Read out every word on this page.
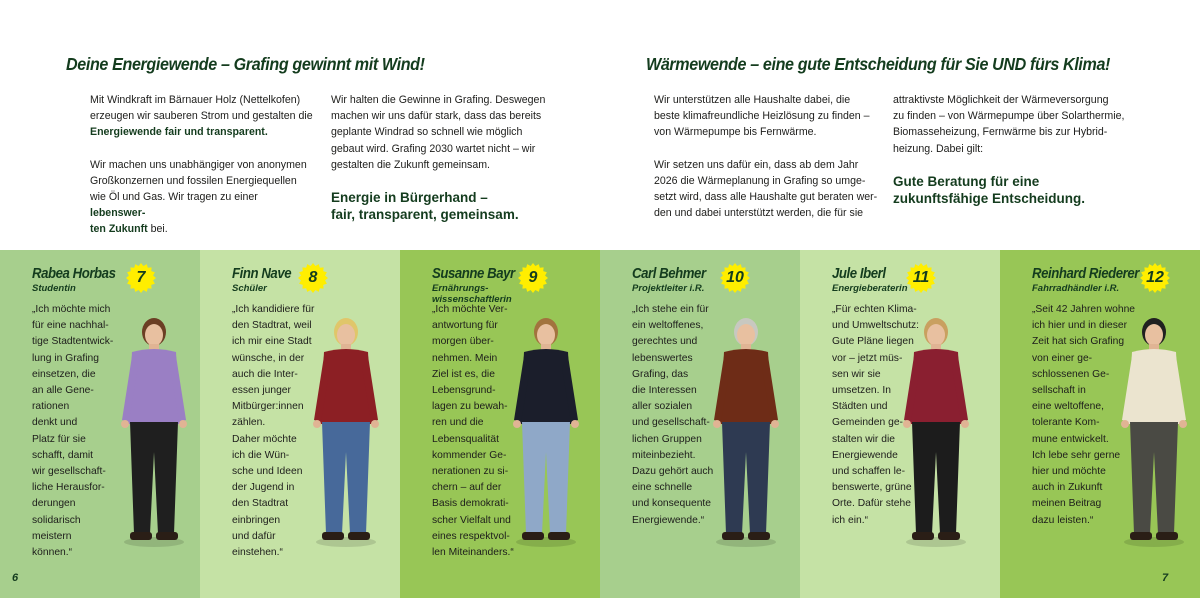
Deine Energiewende – Grafing gewinnt mit Wind!	Wärmewende – eine gute Entscheidung für Sie UND fürs Klima!

Mit Windkraft im Bärnauer Holz (Nettelkofen)
erzeugen wir sauberen Strom und gestalten die
Energiewende fair und transparent.

Wir machen uns unabhängiger von anonymen
Großkonzernen und fossilen Energiequellen
wie Öl und Gas. Wir tragen zu einer lebenswer-
ten Zukunft bei.

Wir halten die Gewinne in Grafing. Deswegen
machen wir uns dafür stark, dass das bereits
geplante Windrad so schnell wie möglich
gebaut wird. Grafing 2030 wartet nicht – wir
gestalten die Zukunft gemeinsam.

Energie in Bürgerhand –
fair, transparent, gemeinsam.

Wir unterstützen alle Haushalte dabei, die
beste klimafreundliche Heizlösung zu finden –
von Wärmepumpe bis Fernwärme.

Wir setzen uns dafür ein, dass ab dem Jahr
2026 die Wärmeplanung in Grafing so umge-
setzt wird, dass alle Haushalte gut beraten wer-
den und dabei unterstützt werden, die für sie

attraktivste Möglichkeit der Wärmeversorgung
zu finden – von Wärmepumpe über Solarthermie,
Biomasseheizung, Fernwärme bis zur Hybrid-
heizung. Dabei gilt:

Gute Beratung für eine
zukunftsfähige Entscheidung.
Rabea Horbas
Studentin
7
„Ich möchte mich
für eine nachhal-
tige Stadtentwick-
lung in Grafing
einsetzen, die
an alle Gene-
rationen
denkt und
Platz für sie
schafft, damit
wir gesellschaft-
liche Herausfor-
derungen
solidarisch
meistern
können.“
Finn Nave
Schüler
8
„Ich kandidiere für
den Stadtrat, weil
ich mir eine Stadt
wünsche, in der
auch die Inter-
essen junger
Mitbürger:innen
zählen.
Daher möchte
ich die Wün-
sche und Ideen
der Jugend in
den Stadtrat
einbringen
und dafür
einstehen.“
Susanne Bayr
Ernährungs-
wissenschaftlerin
9
„Ich möchte Ver-
antwortung für
morgen über-
nehmen. Mein
Ziel ist es, die
Lebensgrund-
lagen zu bewah-
ren und die
Lebensqualität
kommender Ge-
nerationen zu si-
chern – auf der
Basis demokrati-
scher Vielfalt und
eines respektvol-
len Miteinanders.“
Carl Behmer
Projektleiter i.R.
10
„Ich stehe ein für
ein weltoffenes,
gerechtes und
lebenswertes
Grafing, das
die Interessen
aller sozialen
und gesellschaft-
lichen Gruppen
miteinbezieht.
Dazu gehört auch
eine schnelle
und konsequente
Energiewende.“
Jule Iberl
Energieberaterin
11
„Für echten Klima-
und Umweltschutz:
Gute Pläne liegen
vor – jetzt müs-
sen wir sie
umsetzen. In
Städten und
Gemeinden ge-
stalten wir die
Energiewende
und schaffen le-
benswerte, grüne
Orte. Dafür stehe
ich ein.“
Reinhard Riederer
Fahrradhändler i.R.
12
„Seit 42 Jahren wohne
ich hier und in dieser
Zeit hat sich Grafing
von einer ge-
schlossenen Ge-
sellschaft in
eine weltoffene,
tolerante Kom-
mune entwickelt.
Ich lebe sehr gerne
hier und möchte
auch in Zukunft
meinen Beitrag
dazu leisten.“
6	7
